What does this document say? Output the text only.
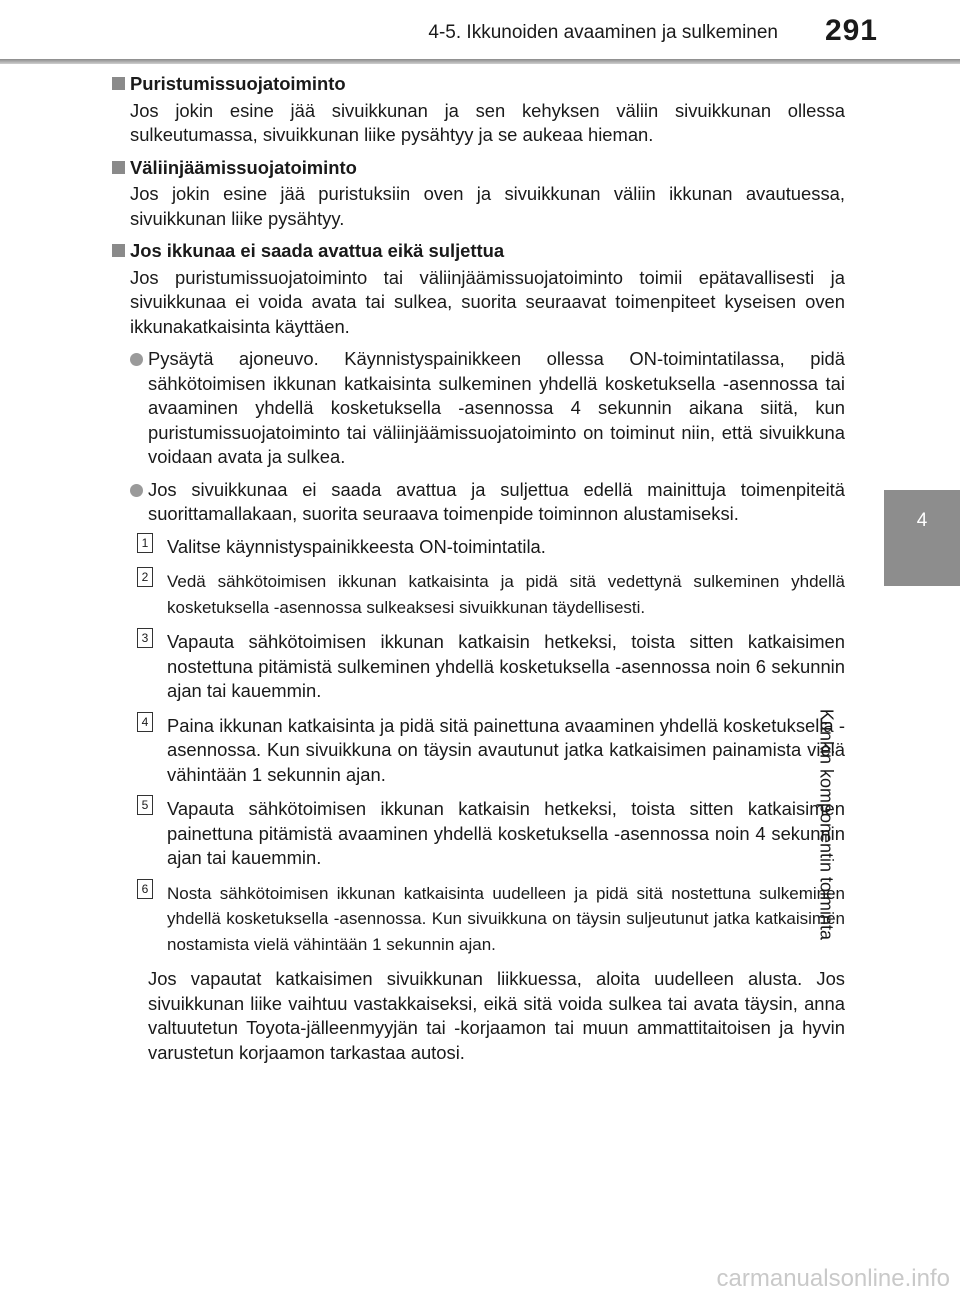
4-5. Ikkunoiden avaaminen ja sulkeminen 291
4
Kunkin komponentin toiminta
Puristumissuojatoiminto
Jos jokin esine jää sivuikkunan ja sen kehyksen väliin sivuikkunan ollessa sulkeutumassa, sivuikkunan liike pysähtyy ja se aukeaa hieman.
Väliinjäämissuojatoiminto
Jos jokin esine jää puristuksiin oven ja sivuikkunan väliin ikkunan avautuessa, sivuikkunan liike pysähtyy.
Jos ikkunaa ei saada avattua eikä suljettua
Jos puristumissuojatoiminto tai väliinjäämissuojatoiminto toimii epätavallisesti ja sivuikkunaa ei voida avata tai sulkea, suorita seuraavat toimenpiteet kyseisen oven ikkunakatkaisinta käyttäen.
Pysäytä ajoneuvo. Käynnistyspainikkeen ollessa ON-toimintatilassa, pidä sähkötoimisen ikkunan katkaisinta sulkeminen yhdellä kosketuksella -asennossa tai avaaminen yhdellä kosketuksella -asennossa 4 sekunnin aikana siitä, kun puristumissuojatoiminto tai väliinjäämissuojatoiminto on toiminut niin, että sivuikkuna voidaan avata ja sulkea.
Jos sivuikkunaa ei saada avattua ja suljettua edellä mainittuja toimenpiteitä suorittamallakaan, suorita seuraava toimenpide toiminnon alustamiseksi.
1 Valitse käynnistyspainikkeesta ON-toimintatila.
2 Vedä sähkötoimisen ikkunan katkaisinta ja pidä sitä vedettynä sulkeminen yhdellä kosketuksella -asennossa sulkeaksesi sivuikkunan täydellisesti.
3 Vapauta sähkötoimisen ikkunan katkaisin hetkeksi, toista sitten katkaisimen nostettuna pitämistä sulkeminen yhdellä kosketuksella -asennossa noin 6 sekunnin ajan tai kauemmin.
4 Paina ikkunan katkaisinta ja pidä sitä painettuna avaaminen yhdellä kosketuksella -asennossa. Kun sivuikkuna on täysin avautunut jatka katkaisimen painamista vielä vähintään 1 sekunnin ajan.
5 Vapauta sähkötoimisen ikkunan katkaisin hetkeksi, toista sitten katkaisimen painettuna pitämistä avaaminen yhdellä kosketuksella -asennossa noin 4 sekunnin ajan tai kauemmin.
6 Nosta sähkötoimisen ikkunan katkaisinta uudelleen ja pidä sitä nostettuna sulkeminen yhdellä kosketuksella -asennossa. Kun sivuikkuna on täysin suljeutunut jatka katkaisimen nostamista vielä vähintään 1 sekunnin ajan.
Jos vapautat katkaisimen sivuikkunan liikkuessa, aloita uudelleen alusta. Jos sivuikkunan liike vaihtuu vastakkaiseksi, eikä sitä voida sulkea tai avata täysin, anna valtuutetun Toyota-jälleenmyyjän tai -korjaamon tai muun ammattitaitoisen ja hyvin varustetun korjaamon tarkastaa autosi.
carmanualsonline.info
